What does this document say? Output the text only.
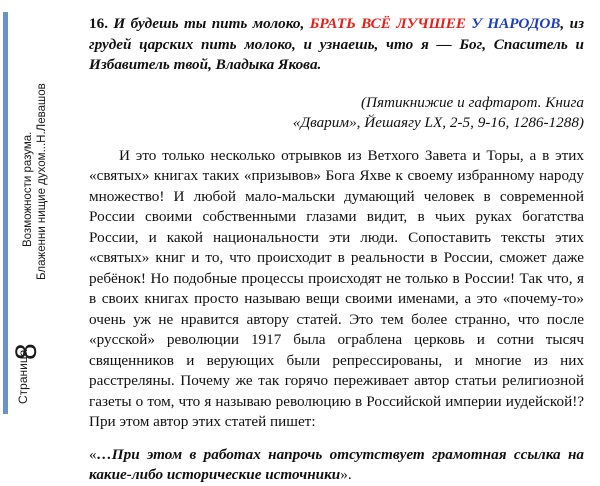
Страница
8
Возможности разума. Блаженни нищие духом...Н.Левашов

16. И будешь ты пить молоко, БРАТЬ ВСЁ ЛУЧШЕЕ У НАРОДОВ, из грудей царских пить молоко, и узнаешь, что я — Бог, Спаситель и Избавитель твой, Владыка Яковa.

(Пятикнижие и гафтарот. Книга

«Дварим», Йешаягу LX, 2-5, 9-16, 1286-1288)

И это только несколько отрывков из Ветхого Завета и Торы, а в этих «святых» книгах таких «призывов» Бога Яхве к своему избранному народу множество! И любой мало-мальски думающий человек в современной России своими собственными глазами видит, в чьих руках богатства России, и какой национальности эти люди. Сопоставить тексты этих «святых» книг и то, что происходит в реальности в России, сможет даже ребёнок! Но подобные процессы происходят не только в России! Так что, я в своих книгах просто называю вещи своими именами, а это «почему-то» очень уж не нравится автору статей. Это тем более странно, что после «русской» революции 1917 была ограблена церковь и сотни тысяч священников и верующих были репрессированы, и многие из них расстреляны. Почему же так горячо переживает автор статьи религиозной газеты о том, что я называю революцию в Российской империи иудейской!? При этом автор этих статей пишет:

«…При этом в работах напрочь отсутствует грамотная ссылка на какие-либо исторические источники».
